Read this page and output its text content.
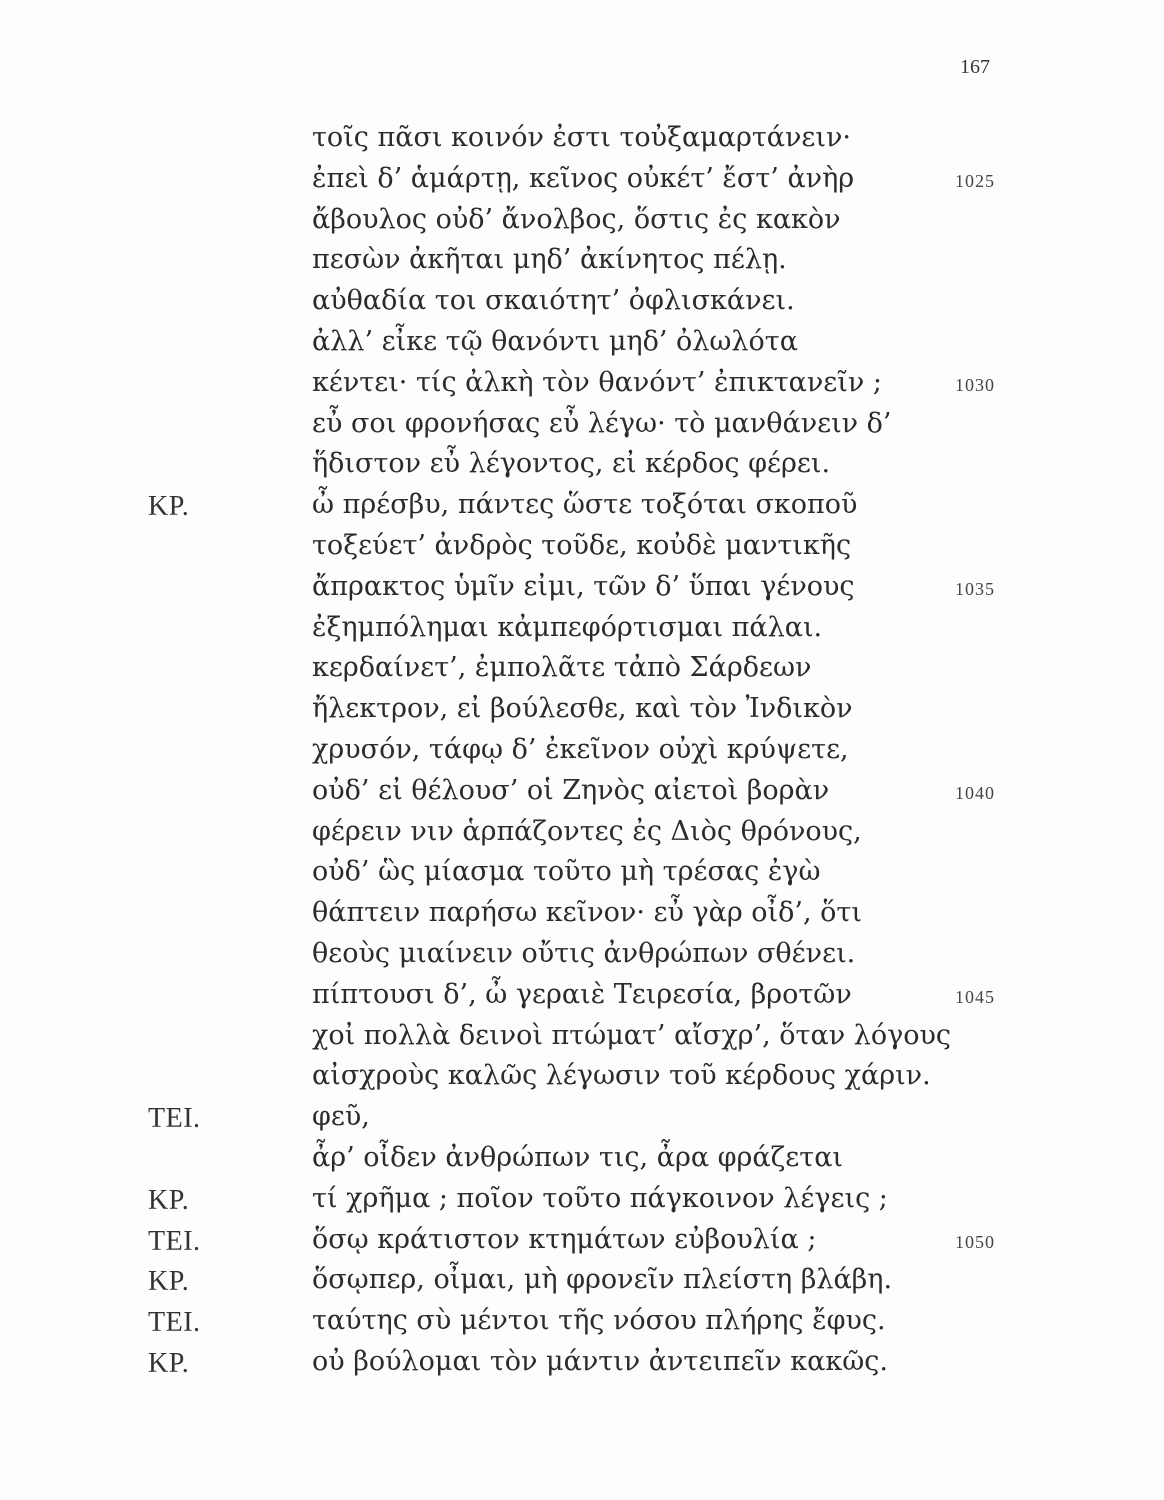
167
τοῖς πᾶσι κοινόν ἐστι τοὐξαμαρτάνειν·
ἐπεὶ δ’ ἁμάρτῃ, κεῖνος οὐκέτ’ ἔστ’ ἀνὴρ	1025
ἄβουλος οὐδ’ ἄνολβος, ὅστις ἐς κακὸν
πεσὼν ἀκῆται μηδ’ ἀκίνητος πέλῃ.
αὐθαδία τοι σκαιότητ’ ὀφλισκάνει.
ἀλλ’ εἶκε τῷ θανόντι μηδ’ ὀλωλότα
κέντει· τίς ἀλκὴ τὸν θανόντ’ ἐπικτανεῖν ;	1030
εὖ σοι φρονήσας εὖ λέγω· τὸ μανθάνειν δ’
ἥδιστον εὖ λέγοντος, εἰ κέρδος φέρει.
ΚΡ.	ὦ πρέσβυ, πάντες ὥστε τοξόται σκοποῦ
τοξεύετ’ ἀνδρὸς τοῦδε, κοὐδὲ μαντικῆς
ἄπρακτος ὑμῖν εἰμι, τῶν δ’ ὕπαι γένους	1035
ἐξημπόλημαι κἀμπεφόρτισμαι πάλαι.
κερδαίνετ’, ἐμπολᾶτε τἀπὸ Σάρδεων
ἤλεκτρον, εἰ βούλεσθε, καὶ τὸν Ἰνδικὸν
χρυσόν, τάφῳ δ’ ἐκεῖνον οὐχὶ κρύψετε,
οὐδ’ εἰ θέλουσ’ οἱ Ζηνὸς αἰετοὶ βορὰν	1040
φέρειν νιν ἁρπάζοντες ἐς Διὸς θρόνους,
οὐδ’ ὣς μίασμα τοῦτο μὴ τρέσας ἐγὼ
θάπτειν παρήσω κεῖνον· εὖ γὰρ οἶδ’, ὅτι
θεοὺς μιαίνειν οὔτις ἀνθρώπων σθένει.
πίπτουσι δ’, ὦ γεραιὲ Τειρεσία, βροτῶν	1045
χοἰ πολλὰ δεινοὶ πτώματ’ αἴσχρ’, ὅταν λόγους
αἰσχροὺς καλῶς λέγωσιν τοῦ κέρδους χάριν.
ΤΕΙ.	φεῦ,
ἆρ’ οἶδεν ἀνθρώπων τις, ἆρα φράζεται
ΚΡ.	τί χρῆμα ; ποῖον τοῦτο πάγκοινον λέγεις ;
ΤΕΙ.	ὅσῳ κράτιστον κτημάτων εὐβουλία ;	1050
ΚΡ.	ὅσῳπερ, οἶμαι, μὴ φρονεῖν πλείστη βλάβη.
ΤΕΙ.	ταύτης σὺ μέντοι τῆς νόσου πλήρης ἔφυς.
ΚΡ.	οὐ βούλομαι τὸν μάντιν ἀντειπεῖν κακῶς.
